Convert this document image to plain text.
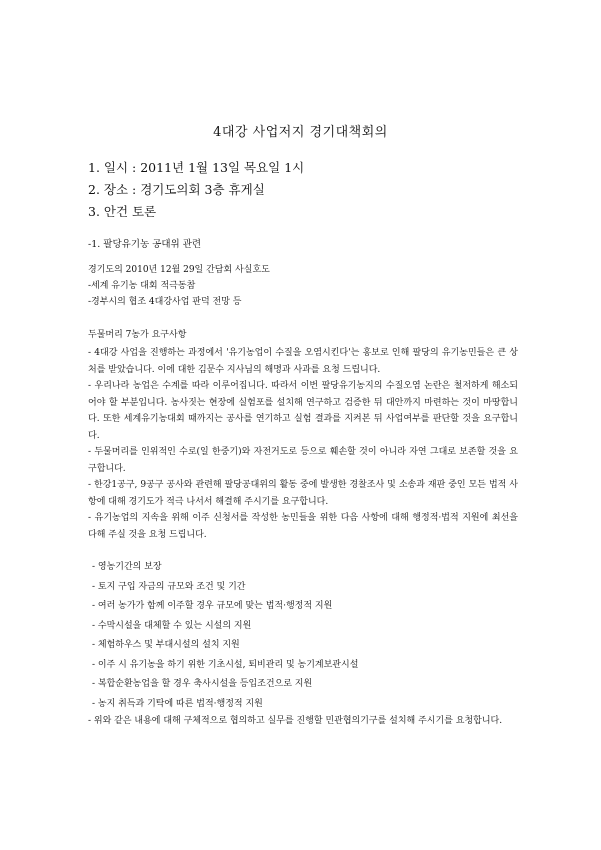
4대강 사업저지 경기대책회의
1. 일시 : 2011년 1월 13일 목요일 1시
2. 장소 : 경기도의회 3층 휴게실
3. 안건 토론
-1. 팔당유기농 공대위 관련
경기도의 2010년 12월 29일 간담회 사실호도
-세계 유기농 대회 적극동참
-경부시의 협조 4대강사업 판덕 전망 등
두물머리 7농가 요구사항
- 4대강 사업을 진행하는 과정에서 '유기농업이 수질을 오염시킨다'는 홍보로 인해 팔당의 유기농민들은 큰 상처를 받았습니다. 이에 대한 김문수 지사님의 해명과 사과를 요청 드립니다.
- 우리나라 농업은 수계를 따라 이루어집니다. 따라서 이번 팔당유기농지의 수질오염 논란은 철저하게 해소되어야 할 부분입니다. 농사짓는 현장에 실험포를 설치해 연구하고 검증한 뒤 대안까지 마련하는 것이 마땅합니다. 또한 세계유기농대회 때까지는 공사를 연기하고 실험 결과를 지켜본 뒤 사업여부를 판단할 것을 요구합니다.
- 두물머리를 인위적인 수로(일 한중기)와 자전거도로 등으로 훼손할 것이 아니라 자연 그대로 보존할 것을 요구합니다.
- 한강1공구, 9공구 공사와 관련해 팔당공대위의 활동 중에 발생한 경찰조사 및 소송과 재판 중인 모든 법적 사항에 대해 경기도가 적극 나서서 해결해 주시기를 요구합니다.
- 유기농업의 지속을 위해 이주 신청서를 작성한 농민들을 위한 다음 사항에 대해 행정적·법적 지원에 최선을 다해 주실 것을 요청 드립니다.
- 영농기간의 보장
- 토지 구입 자금의 규모와 조건 및 기간
- 여러 농가가 함께 이주할 경우 규모에 맞는 법적·행정적 지원
- 수막시설을 대체할 수 있는 시설의 지원
- 체험하우스 및 부대시설의 설치 지원
- 이주 시 유기농을 하기 위한 기초시설, 퇴비관리 및 농기계보관시설
- 복합순환농업을 할 경우 축사시설을 등입조건으로 지원
- 농지 취득과 기탁에 따른 법적·행정적 지원
- 위와 같은 내용에 대해 구체적으로 협의하고 실무를 진행할 민관협의기구를 설치해 주시기를 요청합니다.
